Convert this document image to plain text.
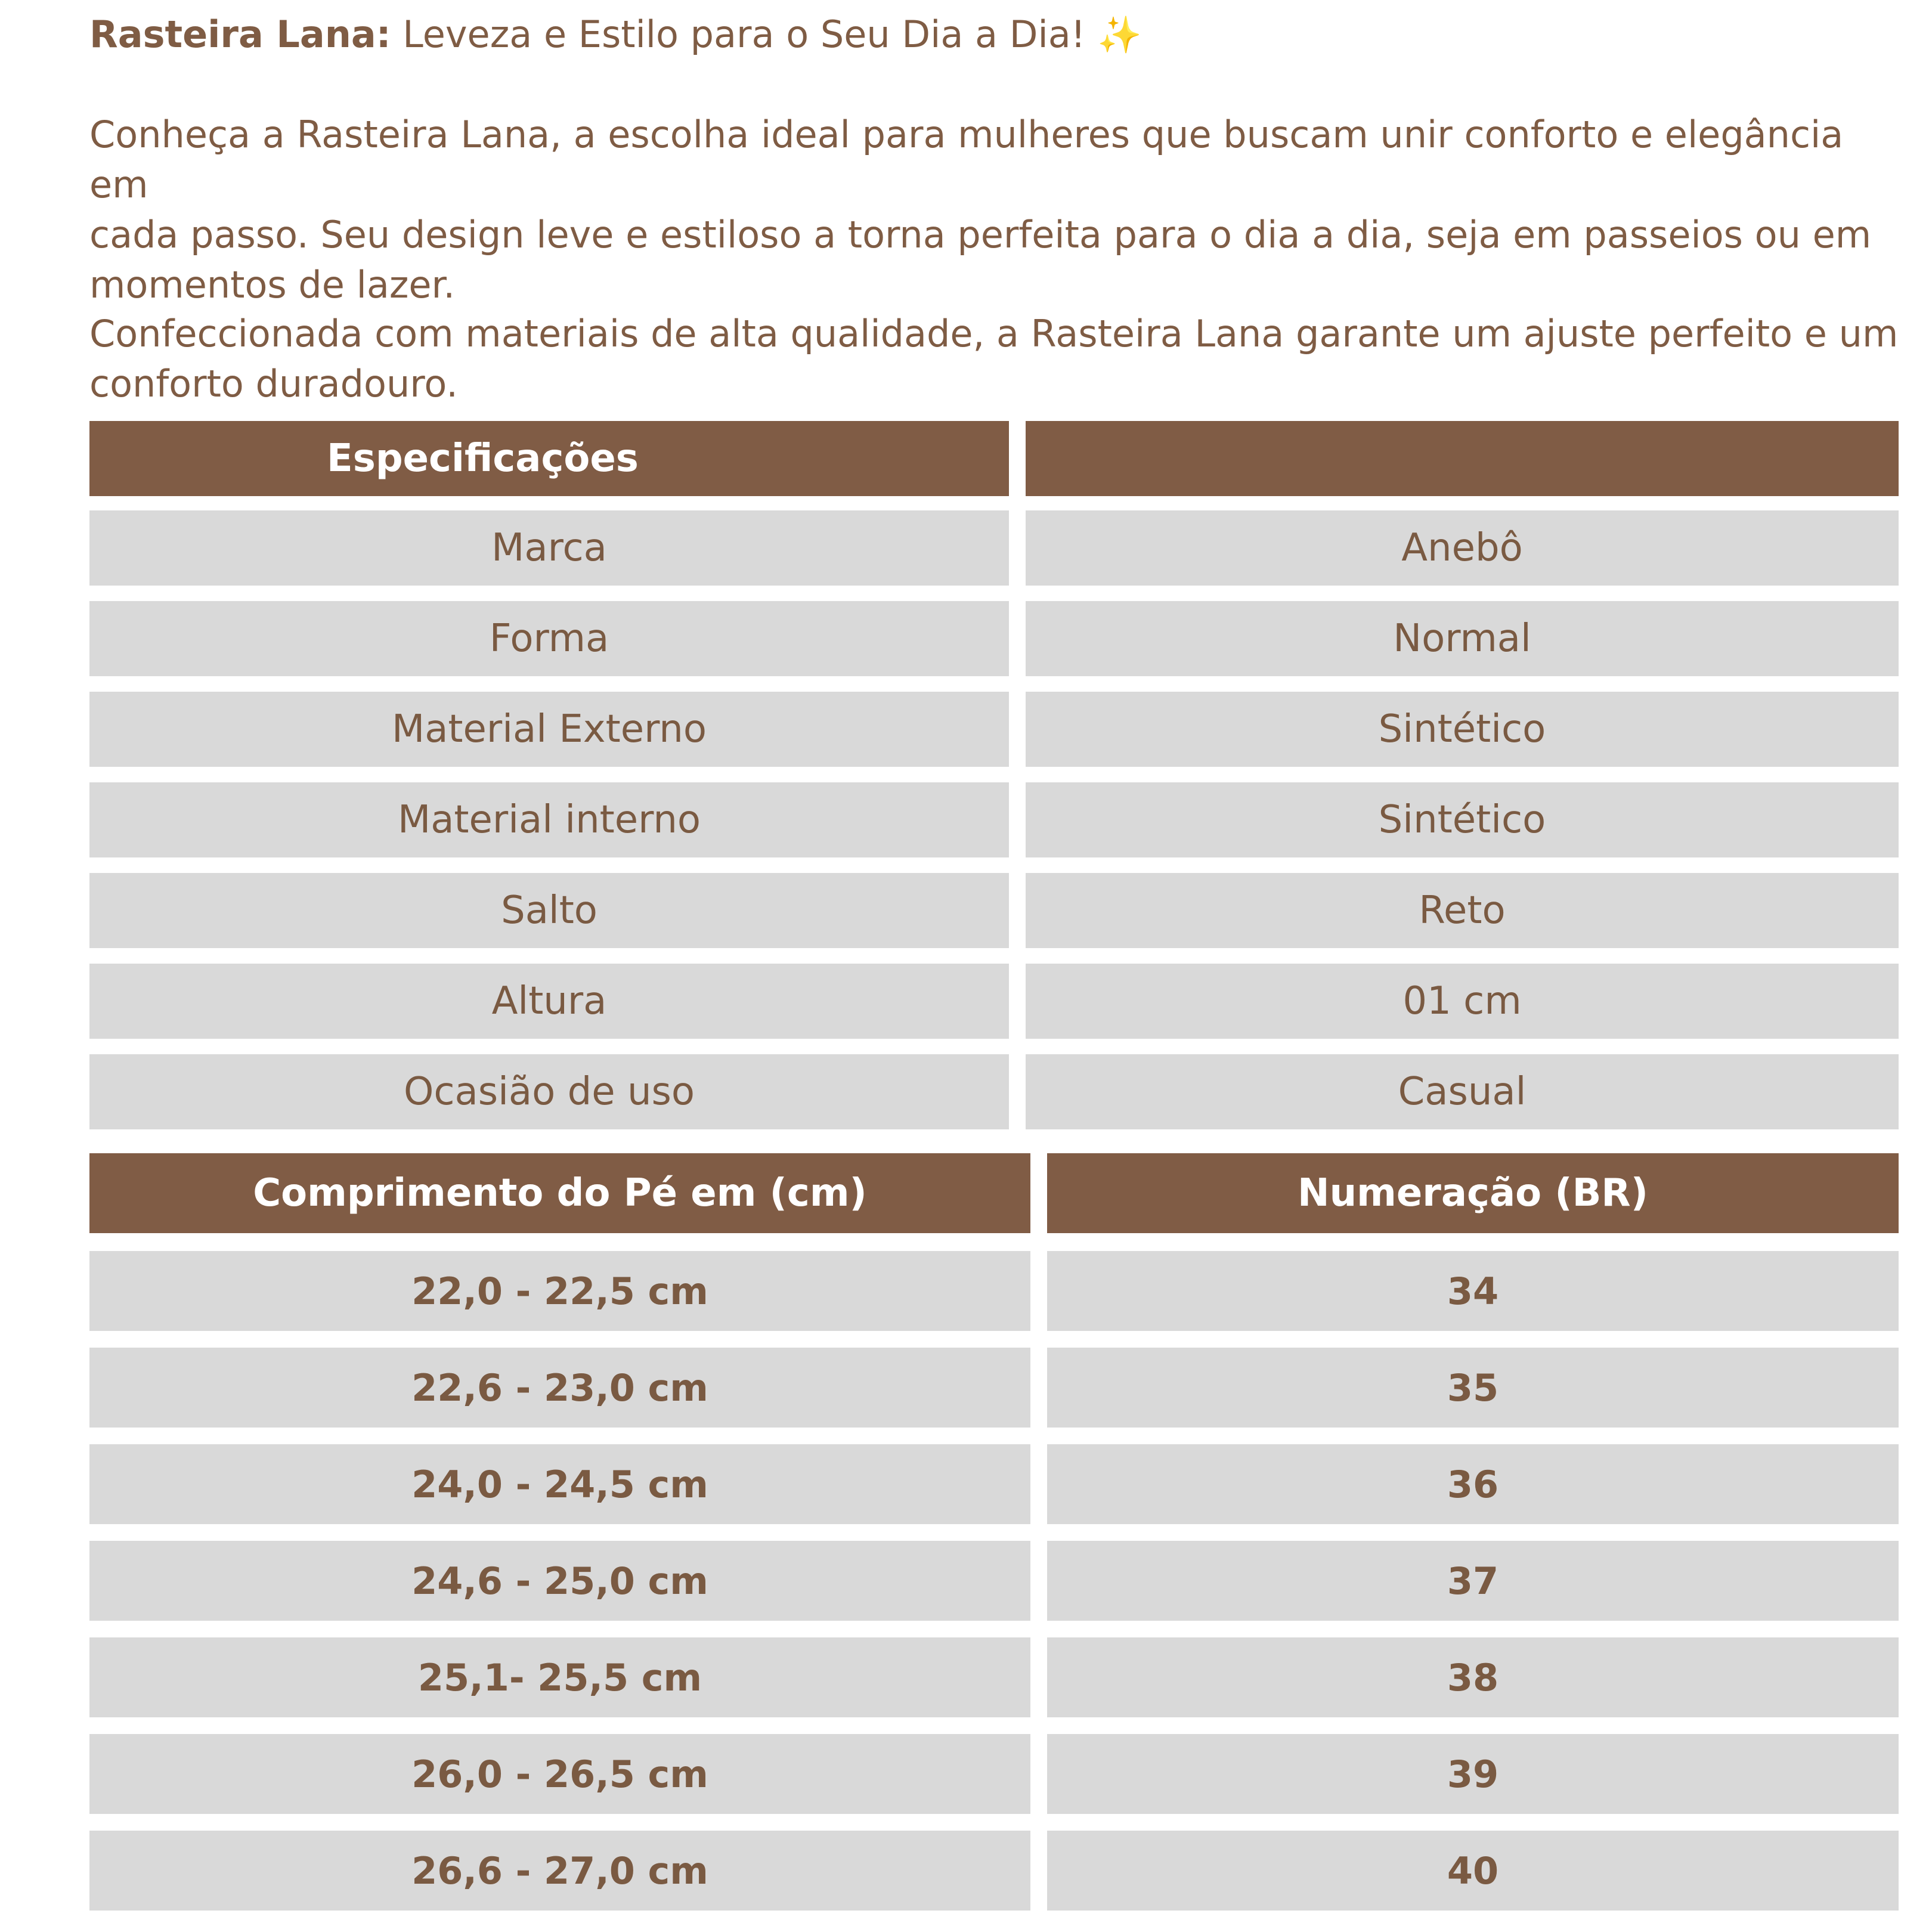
Rasteira Lana: Leveza e Estilo para o Seu Dia a Dia! ✨
Conheça a Rasteira Lana, a escolha ideal para mulheres que buscam unir conforto e elegância em
cada passo. Seu design leve e estiloso a torna perfeita para o dia a dia, seja em passeios ou em
momentos de lazer.
Confeccionada com materiais de alta qualidade, a Rasteira Lana garante um ajuste perfeito e um
conforto duradouro.
Especificações
Marca	Anebô
Forma	Normal
Material Externo	Sintético
Material interno	Sintético
Salto	Reto
Altura	01 cm
Ocasião de uso	Casual
Comprimento do Pé em (cm)	Numeração (BR)
22,0 - 22,5 cm	34
22,6 - 23,0 cm	35
24,0 - 24,5 cm	36
24,6 - 25,0 cm	37
25,1- 25,5 cm	38
26,0 - 26,5 cm	39
26,6 - 27,0 cm	40
